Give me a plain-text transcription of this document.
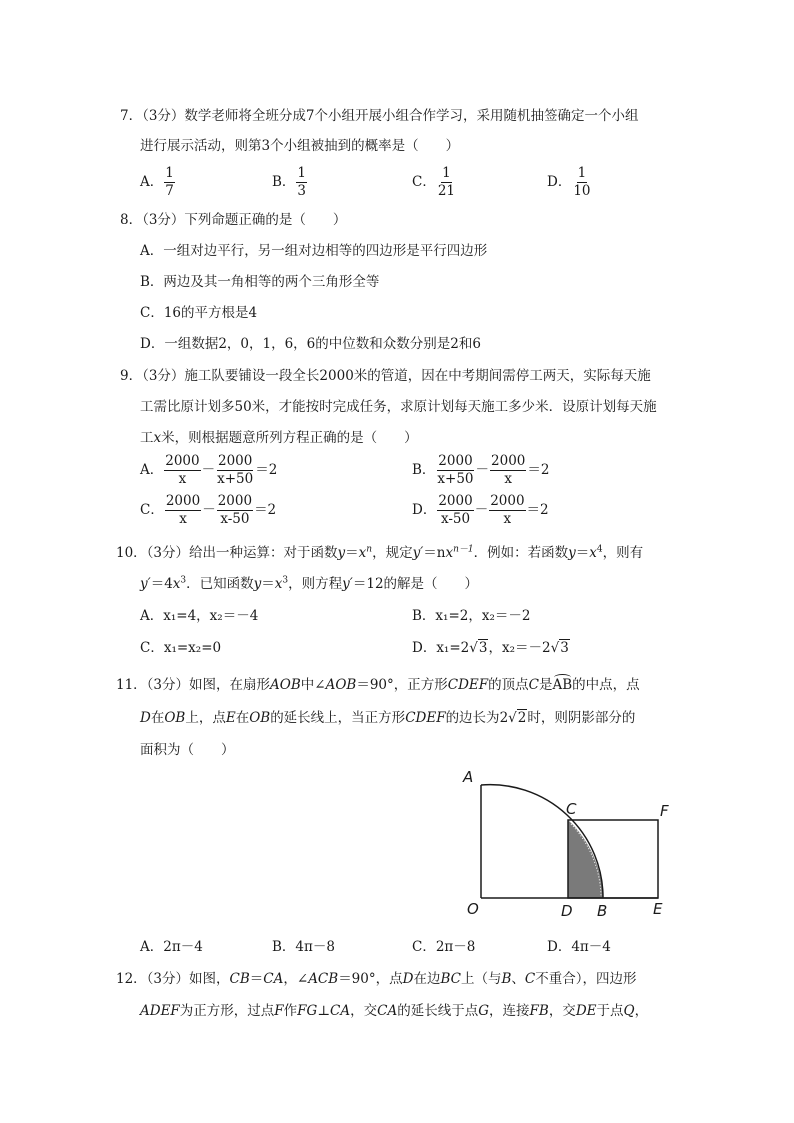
7．（3分）数学老师将全班分成7个小组开展小组合作学习，采用随机抽签确定一个小组
进行展示活动，则第3个小组被抽到的概率是（　　）
A． $\frac{1}{7}$	B． $\frac{1}{3}$	C． $\frac{1}{21}$	D． $\frac{1}{10}$
8．（3分）下列命题正确的是（　　）
A．一组对边平行，另一组对边相等的四边形是平行四边形
B．两边及其一角相等的两个三角形全等
C．16的平方根是4
D．一组数据2，0，1，6，6的中位数和众数分别是2和6
9．（3分）施工队要铺设一段全长2000米的管道，因在中考期间需停工两天，实际每天施
工需比原计划多50米，才能按时完成任务，求原计划每天施工多少米．设原计划每天施
工x米，则根据题意所列方程正确的是（　　）
A． $\frac{2000}{x} - \frac{2000}{x+50} =2$	B． $\frac{2000}{x+50} - \frac{2000}{x} =2$
C． $\frac{2000}{x} - \frac{2000}{x-50} =2$	D． $\frac{2000}{x-50} - \frac{2000}{x} =2$
10．（3分）给出一种运算：对于函数$y=x^n$，规定$y'=nx^{n-1}$．例如：若函数$y=x^4$，则有
$y'=4x^3$．已知函数$y=x^3$，则方程y′＝12的解是（　　）
A．x₁=4，x₂＝－4	B．x₁=2，x₂＝－2
C．x₁=x₂=0	D．x₁=2√3，x₂＝－2√3
11．（3分）如图，在扇形AOB中∠AOB＝90°，正方形CDEF的顶点C是AB的中点，点
D在OB上，点E在OB的延长线上，当正方形CDEF的边长为2√2时，则阴影部分的
面积为（　　）
A
C	F
O	D B	E
A．2π－4	B．4π－8	C．2π－8	D．4π－4
12．（3分）如图，CB＝CA，∠ACB＝90°，点D在边BC上（与B、C不重合），四边形
ADEF为正方形，过点F作FG⊥CA，交CA的延长线于点G，连接FB，交DE于点Q，
